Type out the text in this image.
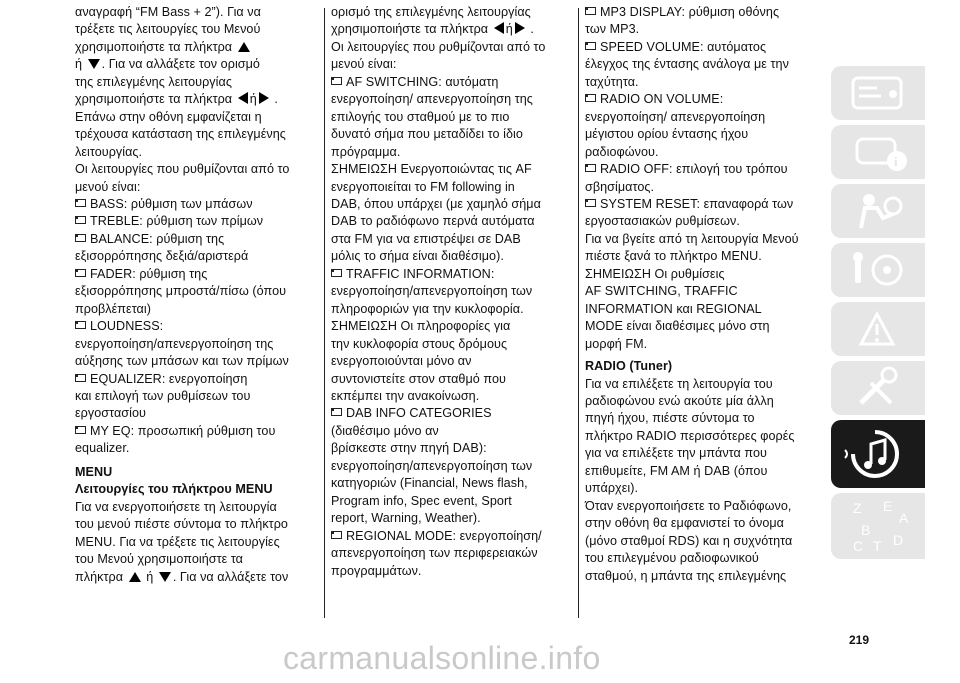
αναγραφή “FM Bass + 2”). Για να
τρέξετε τις λειτουργίες του Μενού
χρησιμοποιήστε τα πλήκτρα
ή . Για να αλλάξετε τον ορισμό
της επιλεγμένης λειτουργίας
χρησιμοποιήστε τα πλήκτρα ή .
Επάνω στην οθόνη εμφανίζεται η
τρέχουσα κατάσταση της επιλεγμένης
λειτουργίας.
Οι λειτουργίες που ρυθμίζονται από το
μενού είναι:
BASS: ρύθμιση των μπάσων
TREBLE: ρύθμιση των πρίμων
BALANCE: ρύθμιση της
εξισορρόπησης δεξιά/αριστερά
FADER: ρύθμιση της
εξισορρόπησης μπροστά/πίσω (όπου
προβλέπεται)
LOUDNESS:
ενεργοποίηση/απενεργοποίηση της
αύξησης των μπάσων και των πρίμων
EQUALIZER: ενεργοποίηση
και επιλογή των ρυθμίσεων του
εργοστασίου
MY EQ: προσωπική ρύθμιση του
equalizer.
MENU
Λειτουργίες του πλήκτρου MENU
Για να ενεργοποιήσετε τη λειτουργία
του μενού πιέστε σύντομα το πλήκτρο
MENU. Για να τρέξετε τις λειτουργίες
του Μενού χρησιμοποιήστε τα
πλήκτρα ή . Για να αλλάξετε τον
ορισμό της επιλεγμένης λειτουργίας
χρησιμοποιήστε τα πλήκτρα ή .
Οι λειτουργίες που ρυθμίζονται από το
μενού είναι:
AF SWITCHING: αυτόματη
ενεργοποίηση/ απενεργοποίηση της
επιλογής του σταθμού με το πιο
δυνατό σήμα που μεταδίδει το ίδιο
πρόγραμμα.
ΣΗΜΕΙΩΣΗ Ενεργοποιώντας τις AF
ενεργοποιείται το FM following in
DAB, όπου υπάρχει (με χαμηλό σήμα
DAB το ραδιόφωνο περνά αυτόματα
στα FM για να επιστρέψει σε DAB
μόλις το σήμα είναι διαθέσιμο).
TRAFFIC INFORMATION:
ενεργοποίηση/απενεργοποίηση των
πληροφοριών για την κυκλοφορία.
ΣΗΜΕΙΩΣΗ Οι πληροφορίες για
την κυκλοφορία στους δρόμους
ενεργοποιούνται μόνο αν
συντονιστείτε στον σταθμό που
εκπέμπει την ανακοίνωση.
DAB INFO CATEGORIES
(διαθέσιμο μόνο αν
βρίσκεστε στην πηγή DAB):
ενεργοποίηση/απενεργοποίηση των
κατηγοριών (Financial, News flash,
Program info, Spec event, Sport
report, Warning, Weather).
REGIONAL MODE: ενεργοποίηση/
απενεργοποίηση των περιφερειακών
προγραμμάτων.
MP3 DISPLAY: ρύθμιση οθόνης
των MP3.
SPEED VOLUME: αυτόματος
έλεγχος της έντασης ανάλογα με την
ταχύτητα.
RADIO ON VOLUME:
ενεργοποίηση/ απενεργοποίηση
μέγιστου ορίου έντασης ήχου
ραδιοφώνου.
RADIO OFF: επιλογή του τρόπου
σβησίματος.
SYSTEM RESET: επαναφορά των
εργοστασιακών ρυθμίσεων.
Για να βγείτε από τη λειτουργία Μενού
πιέστε ξανά το πλήκτρο MENU.
ΣΗΜΕΙΩΣΗ Οι ρυθμίσεις
AF SWITCHING, TRAFFIC
INFORMATION και REGIONAL
MODE είναι διαθέσιμες μόνο στη
μορφή FM.
RADIO (Tuner)
Για να επιλέξετε τη λειτουργία του
ραδιοφώνου ενώ ακούτε μία άλλη
πηγή ήχου, πιέστε σύντομα το
πλήκτρο RADIO περισσότερες φορές
για να επιλέξετε την μπάντα που
επιθυμείτε, FM AM ή DAB (όπου
υπάρχει).
Όταν ενεργοποιήσετε το Ραδιόφωνο,
στην οθόνη θα εμφανιστεί το όνομα
(μόνο σταθμοί RDS) και η συχνότητα
του επιλεγμένου ραδιοφωνικού
σταθμού, η μπάντα της επιλεγμένης
i
Z E
A
B
C T D
219
carmanualsonline.info
